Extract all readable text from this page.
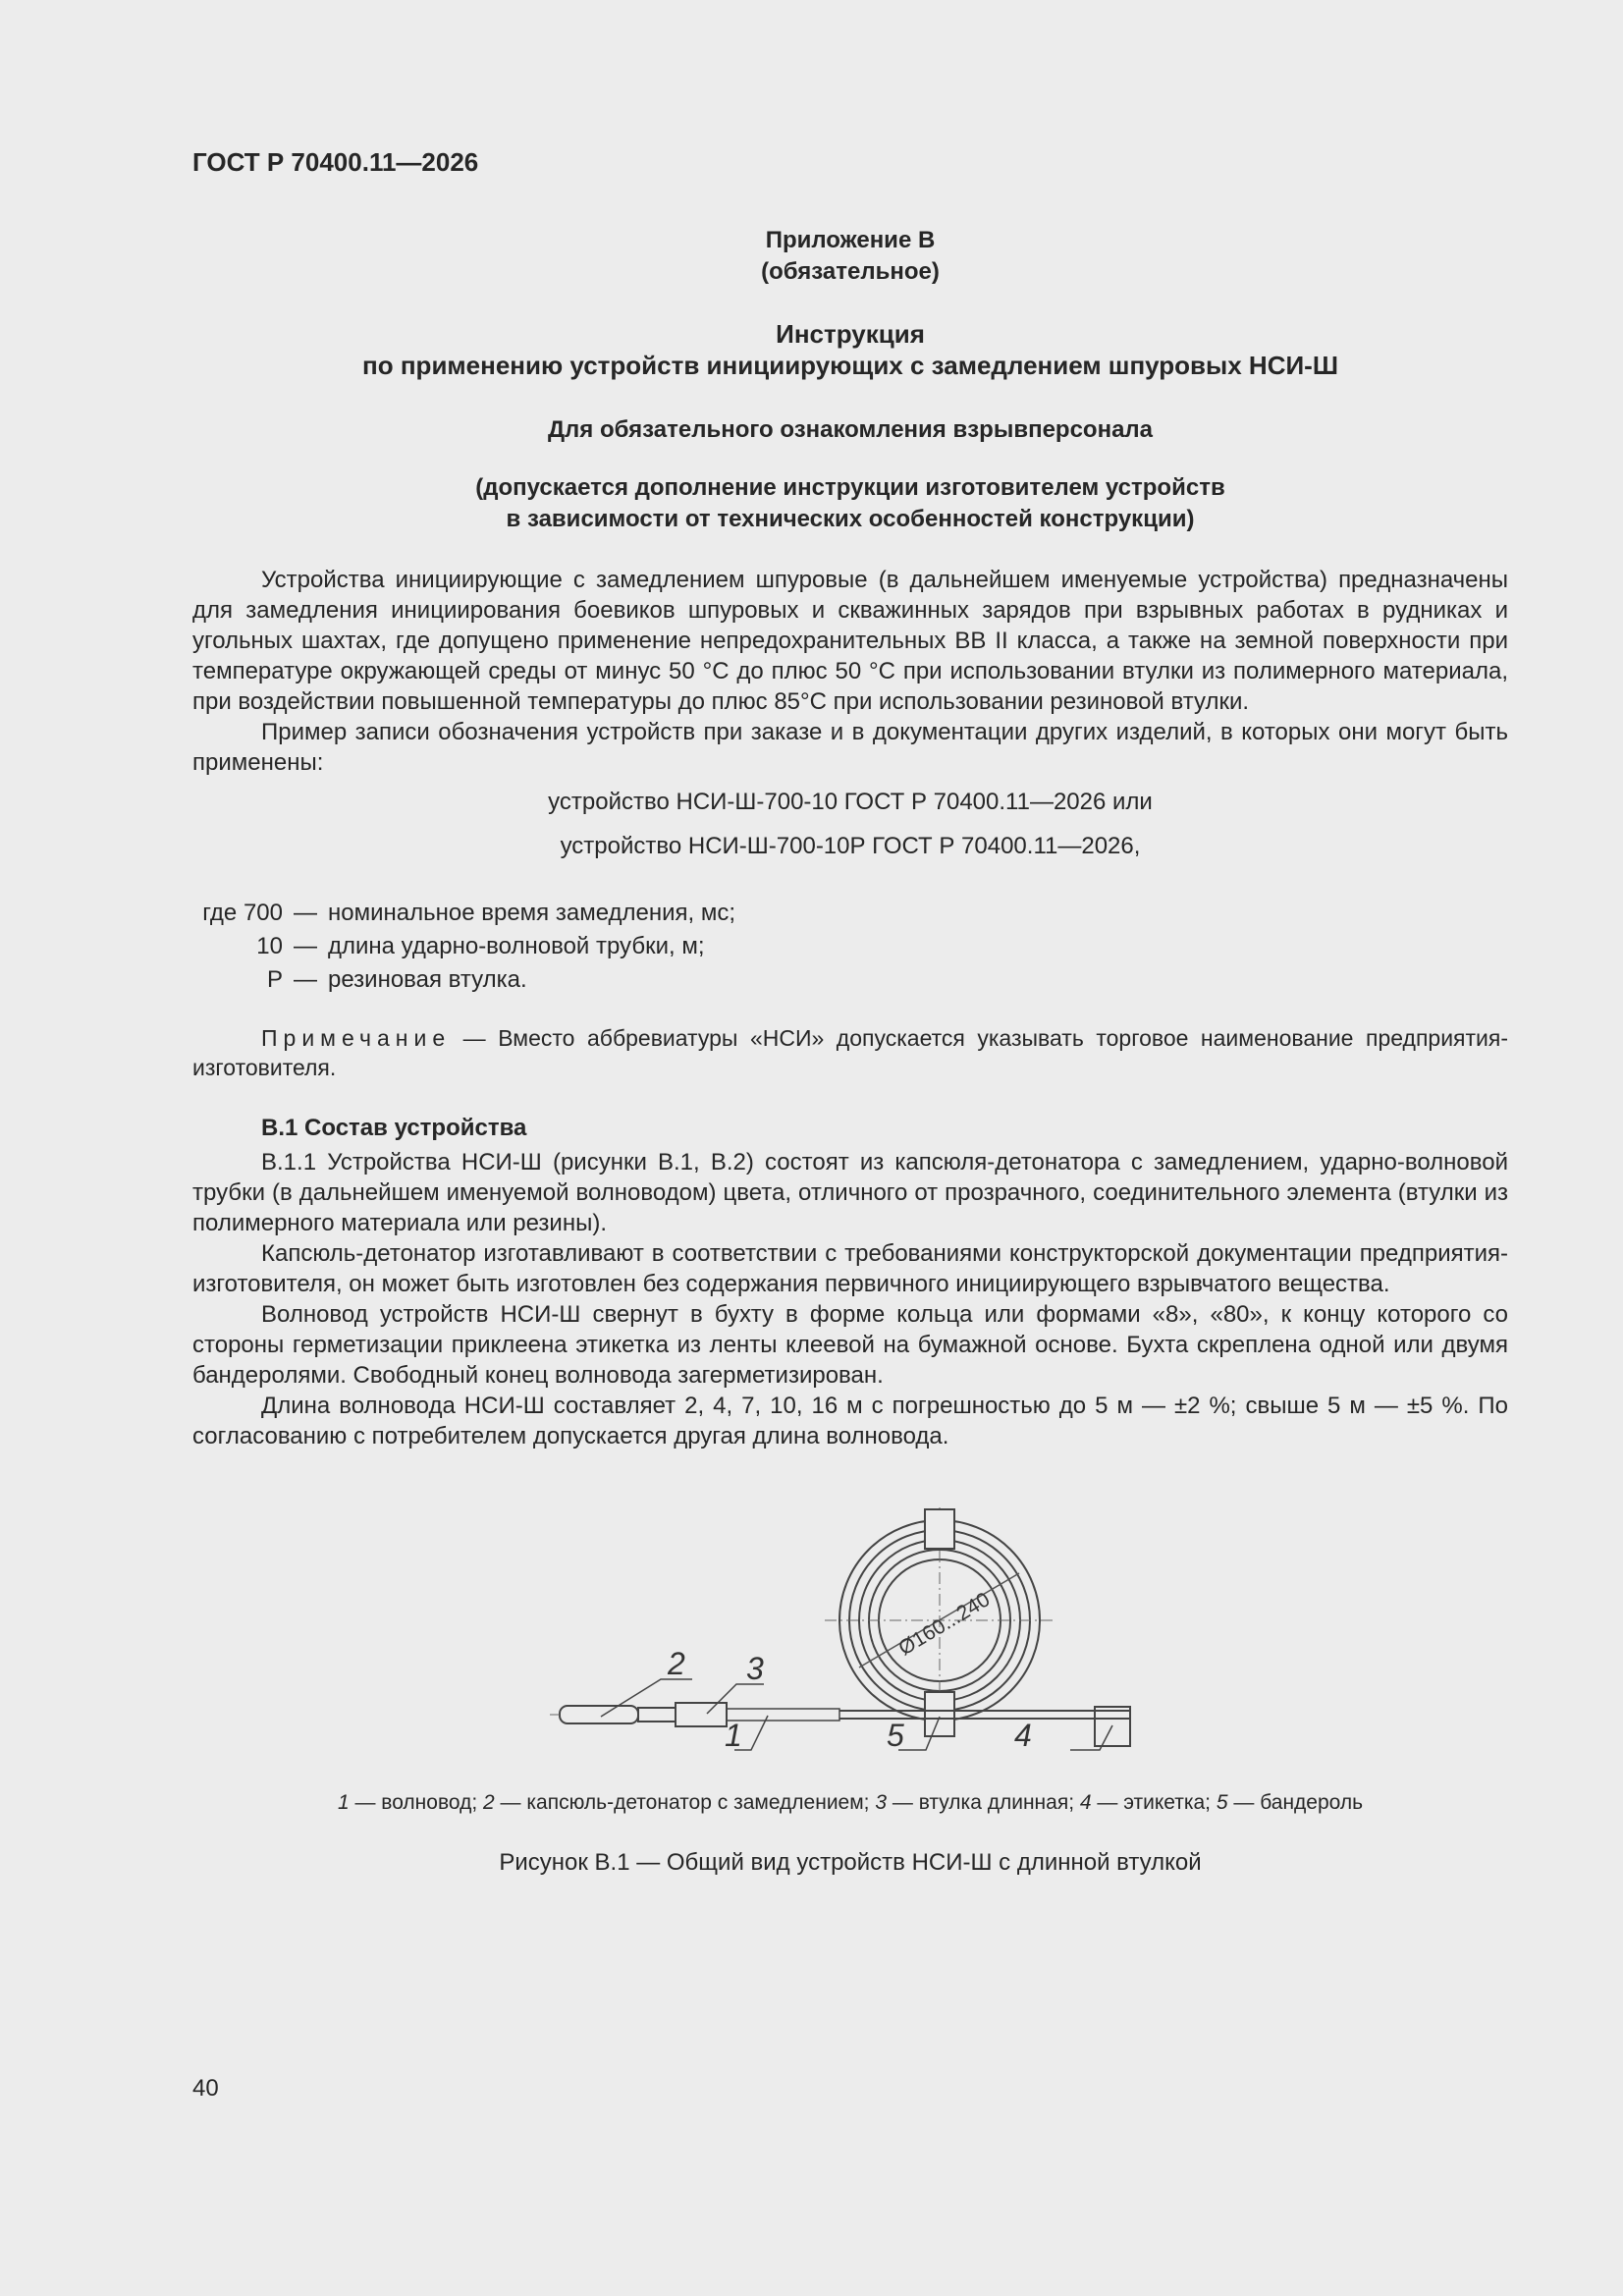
ГОСТ Р 70400.11—2026
Приложение В
(обязательное)
Инструкция
по применению устройств инициирующих с замедлением шпуровых НСИ-Ш
Для обязательного ознакомления взрывперсонала
(допускается дополнение инструкции изготовителем устройств
в зависимости от технических особенностей конструкции)

Устройства инициирующие с замедлением шпуровые (в дальнейшем именуемые устройства) предназначены для замедления инициирования боевиков шпуровых и скважинных зарядов при взрывных работах в рудниках и угольных шахтах, где допущено применение непредохранительных ВВ II класса, а также на земной поверхности при температуре окружающей среды от минус 50 °С до плюс 50 °С при использовании втулки из полимерного материала, при воздействии повышенной температуры до плюс 85°С при использовании резиновой втулки.

Пример записи обозначения устройств при заказе и в документации других изделий, в которых они могут быть применены:

устройство НСИ-Ш-700-10 ГОСТ Р 70400.11—2026 или
устройство НСИ-Ш-700-10Р ГОСТ Р 70400.11—2026,
где 700 — номинальное время замедления, мс;
10 — длина ударно-волновой трубки, м;
Р — резиновая втулка.
Примечание — Вместо аббревиатуры «НСИ» допускается указывать торговое наименование предприятия-изготовителя.

В.1 Состав устройства

В.1.1 Устройства НСИ-Ш (рисунки В.1, В.2) состоят из капсюля-детонатора с замедлением, ударно-волновой трубки (в дальнейшем именуемой волноводом) цвета, отличного от прозрачного, соединительного элемента (втулки из полимерного материала или резины).

Капсюль-детонатор изготавливают в соответствии с требованиями конструкторской документации предприятия-изготовителя, он может быть изготовлен без содержания первичного инициирующего взрывчатого вещества.

Волновод устройств НСИ-Ш свернут в бухту в форме кольца или формами «8», «80», к концу которого со стороны герметизации приклеена этикетка из ленты клеевой на бумажной основе. Бухта скреплена одной или двумя бандеролями. Свободный конец волновода загерметизирован.

Длина волновода НСИ-Ш составляет 2, 4, 7, 10, 16 м с погрешностью до 5 м — ±2 %; свыше 5 м — ±5 %. По согласованию с потребителем допускается другая длина волновода.

Ø160...240
2 3
1	5	4
1 — волновод; 2 — капсюль-детонатор с замедлением; 3 — втулка длинная; 4 — этикетка; 5 — бандероль
Рисунок В.1 — Общий вид устройств НСИ-Ш с длинной втулкой
40
